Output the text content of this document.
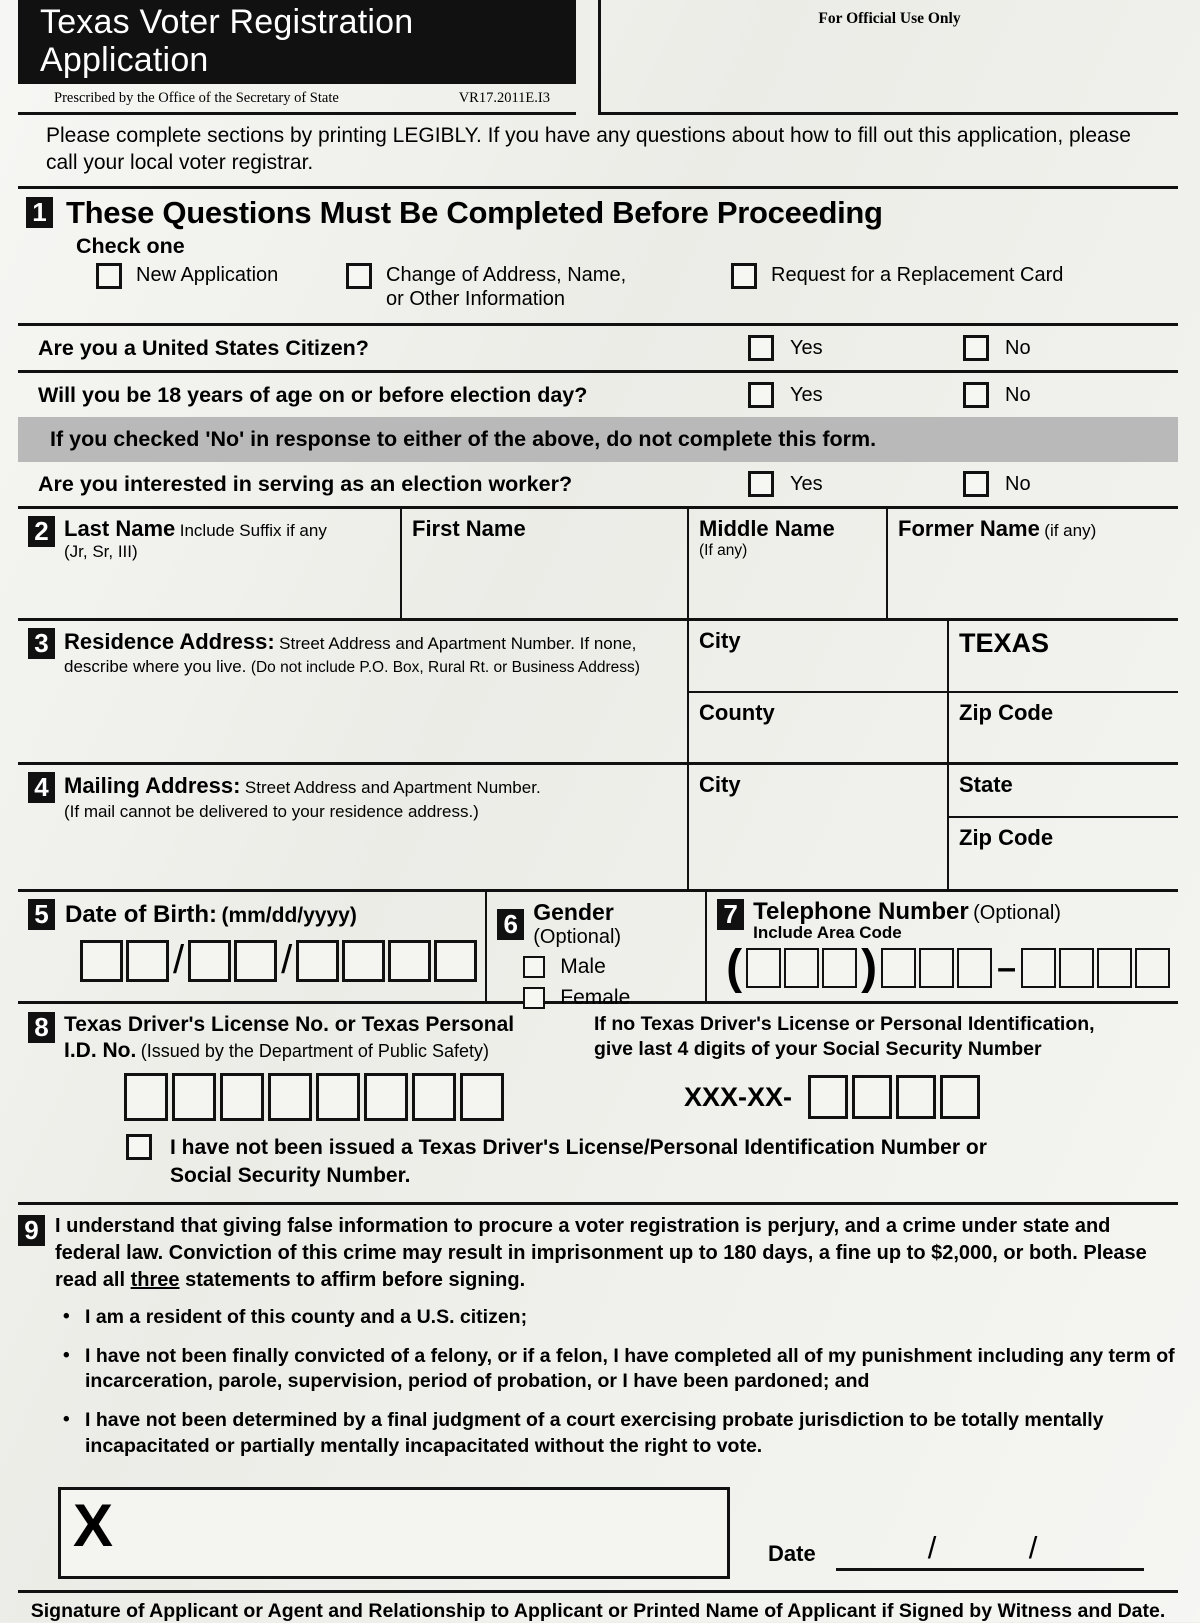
Texas Voter Registration Application
Prescribed by the Office of the Secretary of State	VR17.2011E.I3
For Official Use Only
Please complete sections by printing LEGIBLY. If you have any questions about how to fill out this application, please call your local voter registrar.
1 These Questions Must Be Completed Before Proceeding
Check one
New Application	Change of Address, Name,
or Other Information
Request for a Replacement Card
Are you a United States Citizen?	Yes	No
Will you be 18 years of age on or before election day?	Yes	No
If you checked 'No' in response to either of the above, do not complete this form.
Are you interested in serving as an election worker?	Yes	No
2 Last Name Include Suffix if any
(Jr, Sr, III)
First Name	Middle Name
(If any)
Former Name (if any)
3 Residence Address: Street Address and Apartment Number. If none, describe where you live. (Do not include P.O. Box, Rural Rt. or Business Address)
City
County
TEXAS
Zip Code
4 Mailing Address: Street Address and Apartment Number.
(If mail cannot be delivered to your residence address.)
City	State
Zip Code
5 Date of Birth: (mm/dd/yyyy)
/ /
6 Gender (Optional)
Male
Female
7 Telephone Number (Optional)
Include Area Code
( )	–
8 Texas Driver's License No. or Texas Personal
I.D. No. (Issued by the Department of Public Safety)
If no Texas Driver's License or Personal Identification,
give last 4 digits of your Social Security Number
XXX-XX-
I have not been issued a Texas Driver's License/Personal Identification Number or
Social Security Number.
9 I understand that giving false information to procure a voter registration is perjury, and a crime under state and federal law. Conviction of this crime may result in imprisonment up to 180 days, a fine up to $2,000, or both. Please read all three statements to affirm before signing.
• I am a resident of this county and a U.S. citizen;
• I have not been finally convicted of a felony, or if a felon, I have completed all of my punishment including any term of incarceration, parole, supervision, period of probation, or I have been pardoned; and
• I have not been determined by a final judgment of a court exercising probate jurisdiction to be totally mentally incapacitated or partially mentally incapacitated without the right to vote.
X	Date	/	/
Signature of Applicant or Agent and Relationship to Applicant or Printed Name of Applicant if Signed by Witness and Date.
